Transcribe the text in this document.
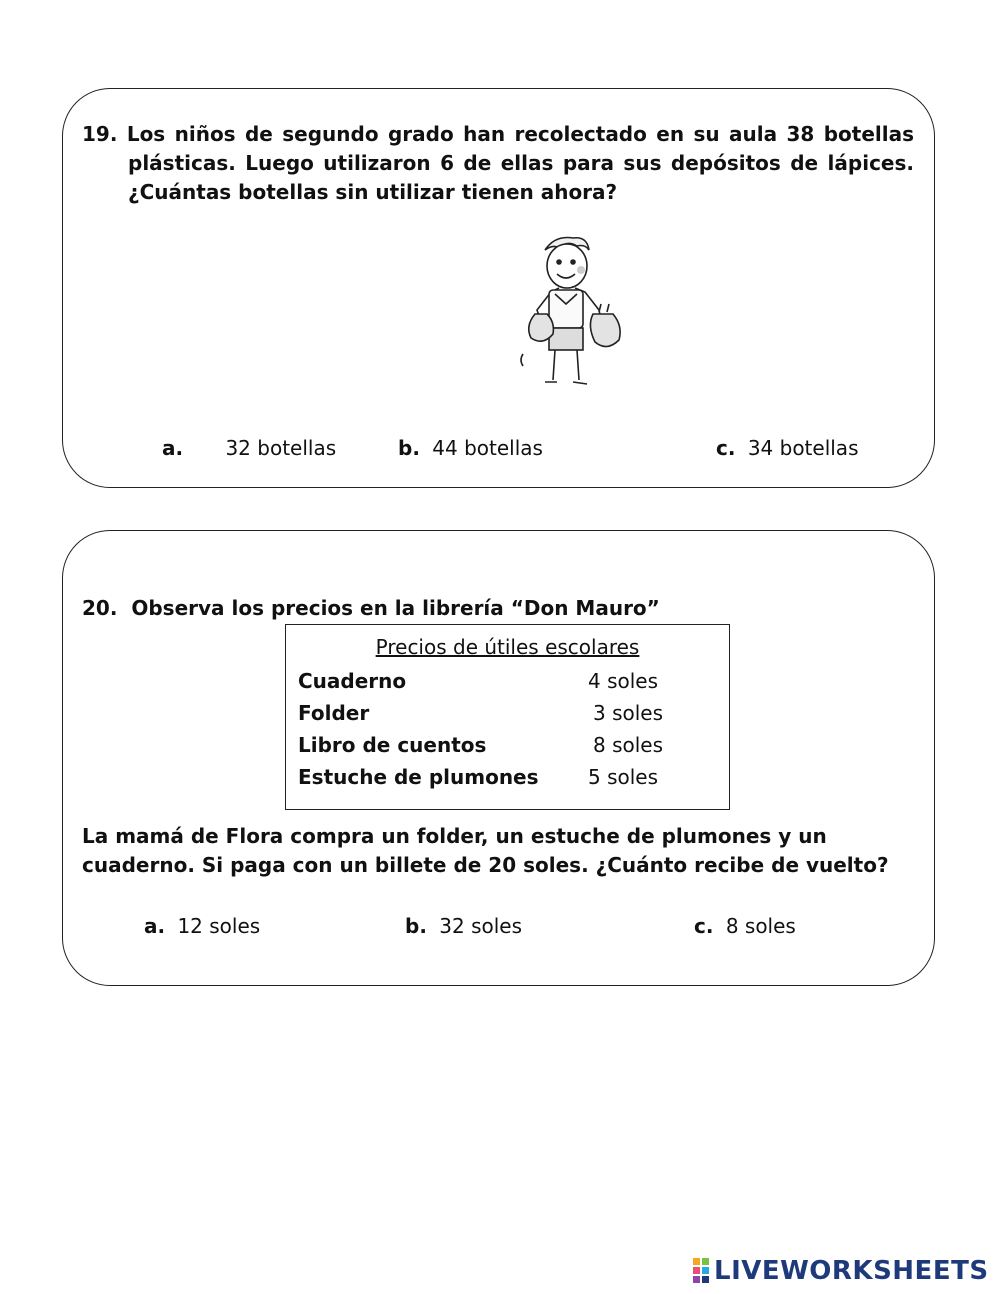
19. Los niños de segundo grado han recolectado en su aula 38 botellas plásticas. Luego utilizaron 6 de ellas para sus depósitos de lápices. ¿Cuántas botellas sin utilizar tienen ahora?
a. 32 botellas	b. 44 botellas	c. 34 botellas
20.  Observa los precios en la librería “Don Mauro”
Precios de útiles escolares
Cuaderno	4 soles
Folder	3 soles
Libro de cuentos	8 soles
Estuche de plumones 5 soles
La mamá de Flora compra un folder, un estuche de plumones y un cuaderno. Si paga con un billete de 20 soles. ¿Cuánto recibe de vuelto?
a. 12 soles	b. 32 soles	c. 8 soles
LIVEWORKSHEETS
